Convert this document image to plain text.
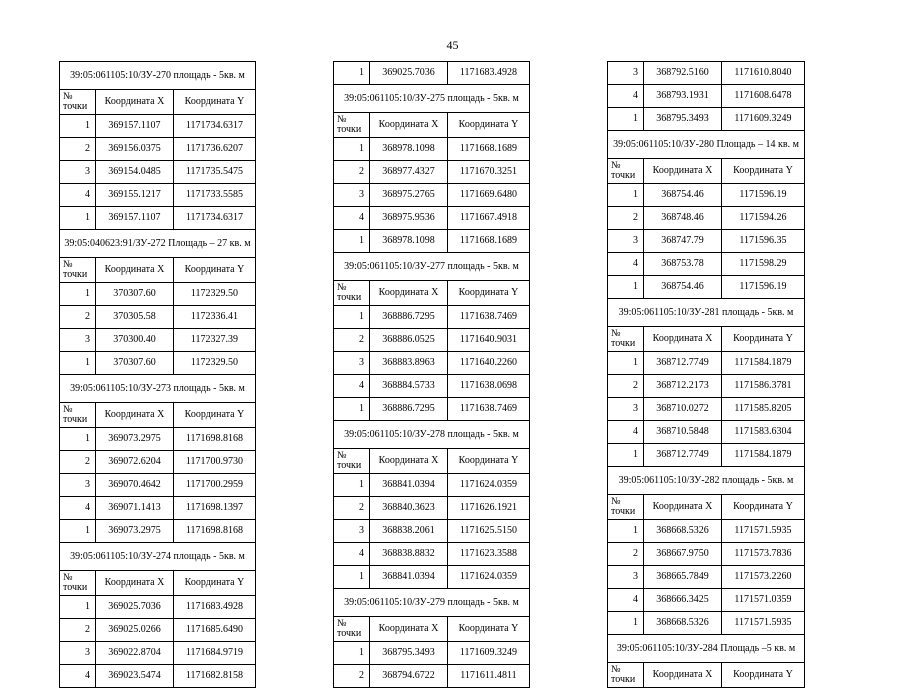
45
39:05:061105:10/ЗУ-270 площадь - 5кв. м		
№ точки	Координата X	Координата Y
1	369157.1107	1171734.6317
2	369156.0375	1171736.6207
3	369154.0485	1171735.5475
4	369155.1217	1171733.5585
1	369157.1107	1171734.6317
39:05:040623:91/ЗУ-272 Площадь – 27 кв. м		
№ точки	Координата X	Координата Y
1	370307.60	1172329.50
2	370305.58	1172336.41
3	370300.40	1172327.39
1	370307.60	1172329.50
39:05:061105:10/ЗУ-273 площадь - 5кв. м		
№ точки	Координата X	Координата Y
1	369073.2975	1171698.8168
2	369072.6204	1171700.9730
3	369070.4642	1171700.2959
4	369071.1413	1171698.1397
1	369073.2975	1171698.8168
39:05:061105:10/ЗУ-274 площадь - 5кв. м		
№ точки	Координата X	Координата Y
1	369025.7036	1171683.4928
2	369025.0266	1171685.6490
3	369022.8704	1171684.9719
4	369023.5474	1171682.8158
1	369025.7036	1171683.4928
39:05:061105:10/ЗУ-275 площадь - 5кв. м		
№ точки	Координата X	Координата Y
1	368978.1098	1171668.1689
2	368977.4327	1171670.3251
3	368975.2765	1171669.6480
4	368975.9536	1171667.4918
1	368978.1098	1171668.1689
39:05:061105:10/ЗУ-277 площадь - 5кв. м		
№ точки	Координата X	Координата Y
1	368886.7295	1171638.7469
2	368886.0525	1171640.9031
3	368883.8963	1171640.2260
4	368884.5733	1171638.0698
1	368886.7295	1171638.7469
39:05:061105:10/ЗУ-278 площадь - 5кв. м		
№ точки	Координата X	Координата Y
1	368841.0394	1171624.0359
2	368840.3623	1171626.1921
3	368838.2061	1171625.5150
4	368838.8832	1171623.3588
1	368841.0394	1171624.0359
39:05:061105:10/ЗУ-279 площадь - 5кв. м		
№ точки	Координата X	Координата Y
1	368795.3493	1171609.3249
2	368794.6722	1171611.4811
3	368792.5160	1171610.8040
4	368793.1931	1171608.6478
1	368795.3493	1171609.3249
39:05:061105:10/ЗУ-280 Площадь – 14 кв. м		
№ точки	Координата X	Координата Y
1	368754.46	1171596.19
2	368748.46	1171594.26
3	368747.79	1171596.35
4	368753.78	1171598.29
1	368754.46	1171596.19
39:05:061105:10/ЗУ-281 площадь - 5кв. м		
№ точки	Координата X	Координата Y
1	368712.7749	1171584.1879
2	368712.2173	1171586.3781
3	368710.0272	1171585.8205
4	368710.5848	1171583.6304
1	368712.7749	1171584.1879
39:05:061105:10/ЗУ-282 площадь - 5кв. м		
№ точки	Координата X	Координата Y
1	368668.5326	1171571.5935
2	368667.9750	1171573.7836
3	368665.7849	1171573.2260
4	368666.3425	1171571.0359
1	368668.5326	1171571.5935
39:05:061105:10/ЗУ-284 Площадь –5 кв. м		
№ точки	Координата X	Координата Y
